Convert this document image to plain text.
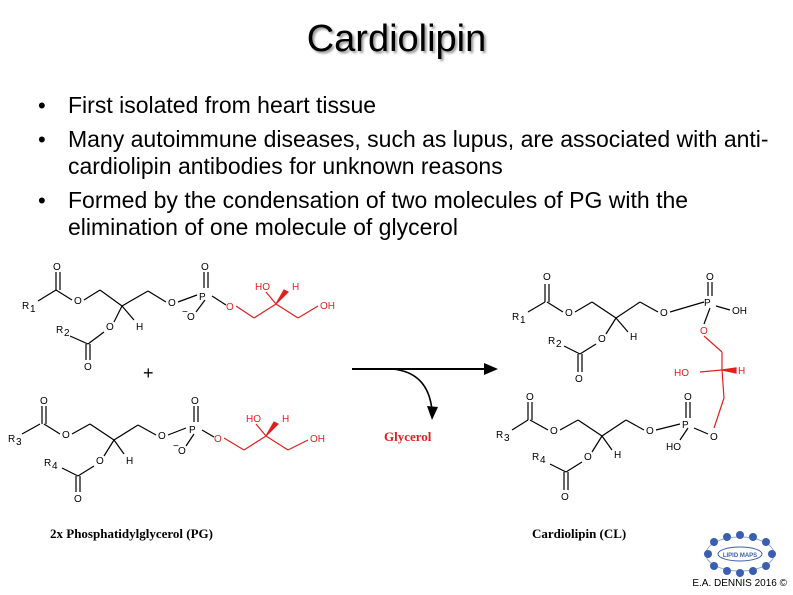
Cardiolipin
• First isolated from heart tissue
• Many autoimmune diseases, such as lupus, are associated with anti-cardiolipin antibodies for unknown reasons
• Formed by the condensation of two molecules of PG with the elimination of one molecule of glycerol
R 1
O
O	O
P
O
O
−	O
HO H
OH
H
O
R 2
O	+
R 3
O
O	O
P
O
O
−
O
HO H
OH
H
O
R 4
O
Glycerol
R 1
O
O	O
P
O
OH
H
O
R 2
O
O
HO	H
O
R 3
O
O	O
P
O
HO
H
O
R 4
O
2x Phosphatidylglycerol (PG)	Cardiolipin (CL)
LIPID MAPS
E.A. DENNIS 2016 ©
